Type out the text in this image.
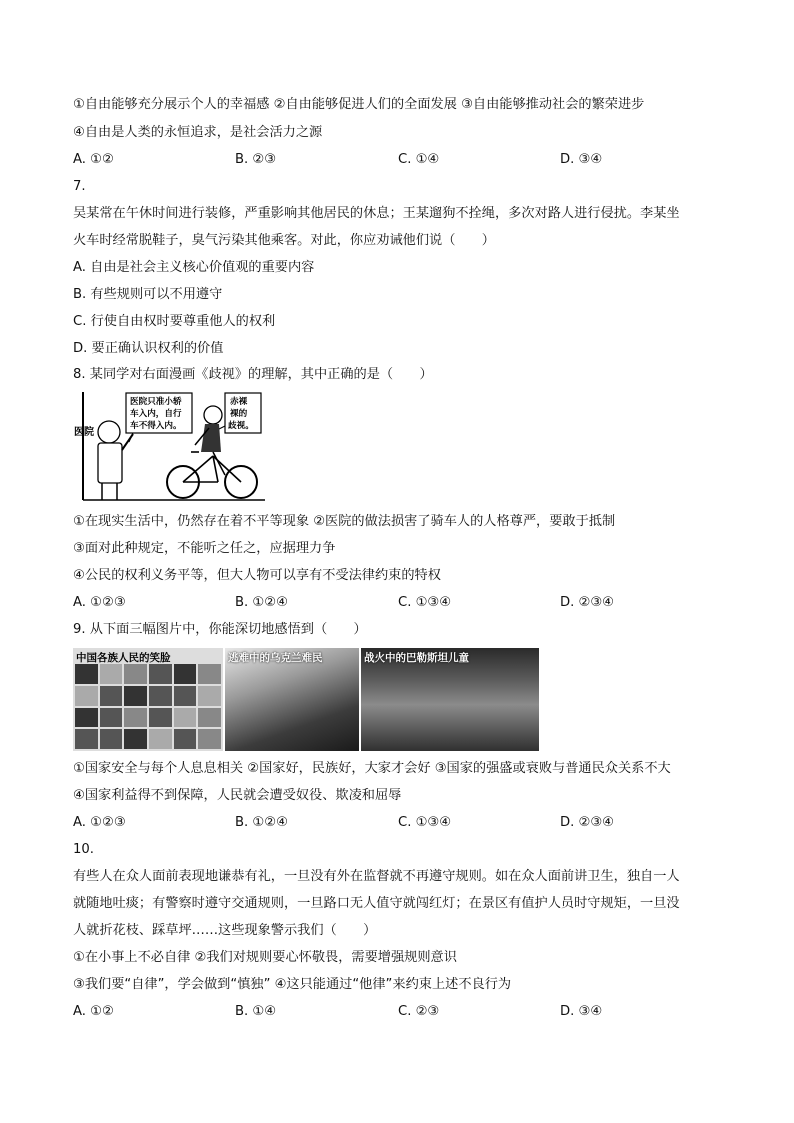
①自由能够充分展示个人的幸福感 ②自由能够促进人们的全面发展 ③自由能够推动社会的繁荣进步
④自由是人类的永恒追求，是社会活力之源
A. ①②	B. ②③	C. ①④	D. ③④
7.
吴某常在午休时间进行装修，严重影响其他居民的休息；王某遛狗不拴绳，多次对路人进行侵扰。李某坐
火车时经常脱鞋子，臭气污染其他乘客。对此，你应劝诫他们说（　　）
A. 自由是社会主义核心价值观的重要内容
B. 有些规则可以不用遵守
C. 行使自由权时要尊重他人的权利
D. 要正确认识权利的价值
8. 某同学对右面漫画《歧视》的理解，其中正确的是（　　）
医院
医院只准小轿
车入内，自行
车不得入内。
赤裸
裸的
歧视。
①在现实生活中，仍然存在着不平等现象 ②医院的做法损害了骑车人的人格尊严，要敢于抵制
③面对此种规定，不能听之任之，应据理力争
④公民的权利义务平等，但大人物可以享有不受法律约束的特权
A. ①②③	B. ①②④	C. ①③④	D. ②③④
9. 从下面三幅图片中，你能深切地感悟到（　　）
中国各族人民的笑脸	逃难中的乌克兰难民	战火中的巴勒斯坦儿童
①国家安全与每个人息息相关 ②国家好，民族好，大家才会好 ③国家的强盛或衰败与普通民众关系不大
④国家利益得不到保障，人民就会遭受奴役、欺凌和屈辱
A. ①②③	B. ①②④	C. ①③④	D. ②③④
10.
有些人在众人面前表现地谦恭有礼，一旦没有外在监督就不再遵守规则。如在众人面前讲卫生，独自一人
就随地吐痰；有警察时遵守交通规则，一旦路口无人值守就闯红灯；在景区有值护人员时守规矩，一旦没
人就折花枝、踩草坪……这些现象警示我们（　　）
①在小事上不必自律 ②我们对规则要心怀敬畏，需要增强规则意识
③我们要“自律”，学会做到“慎独” ④这只能通过“他律”来约束上述不良行为
A. ①②	B. ①④	C. ②③	D. ③④
